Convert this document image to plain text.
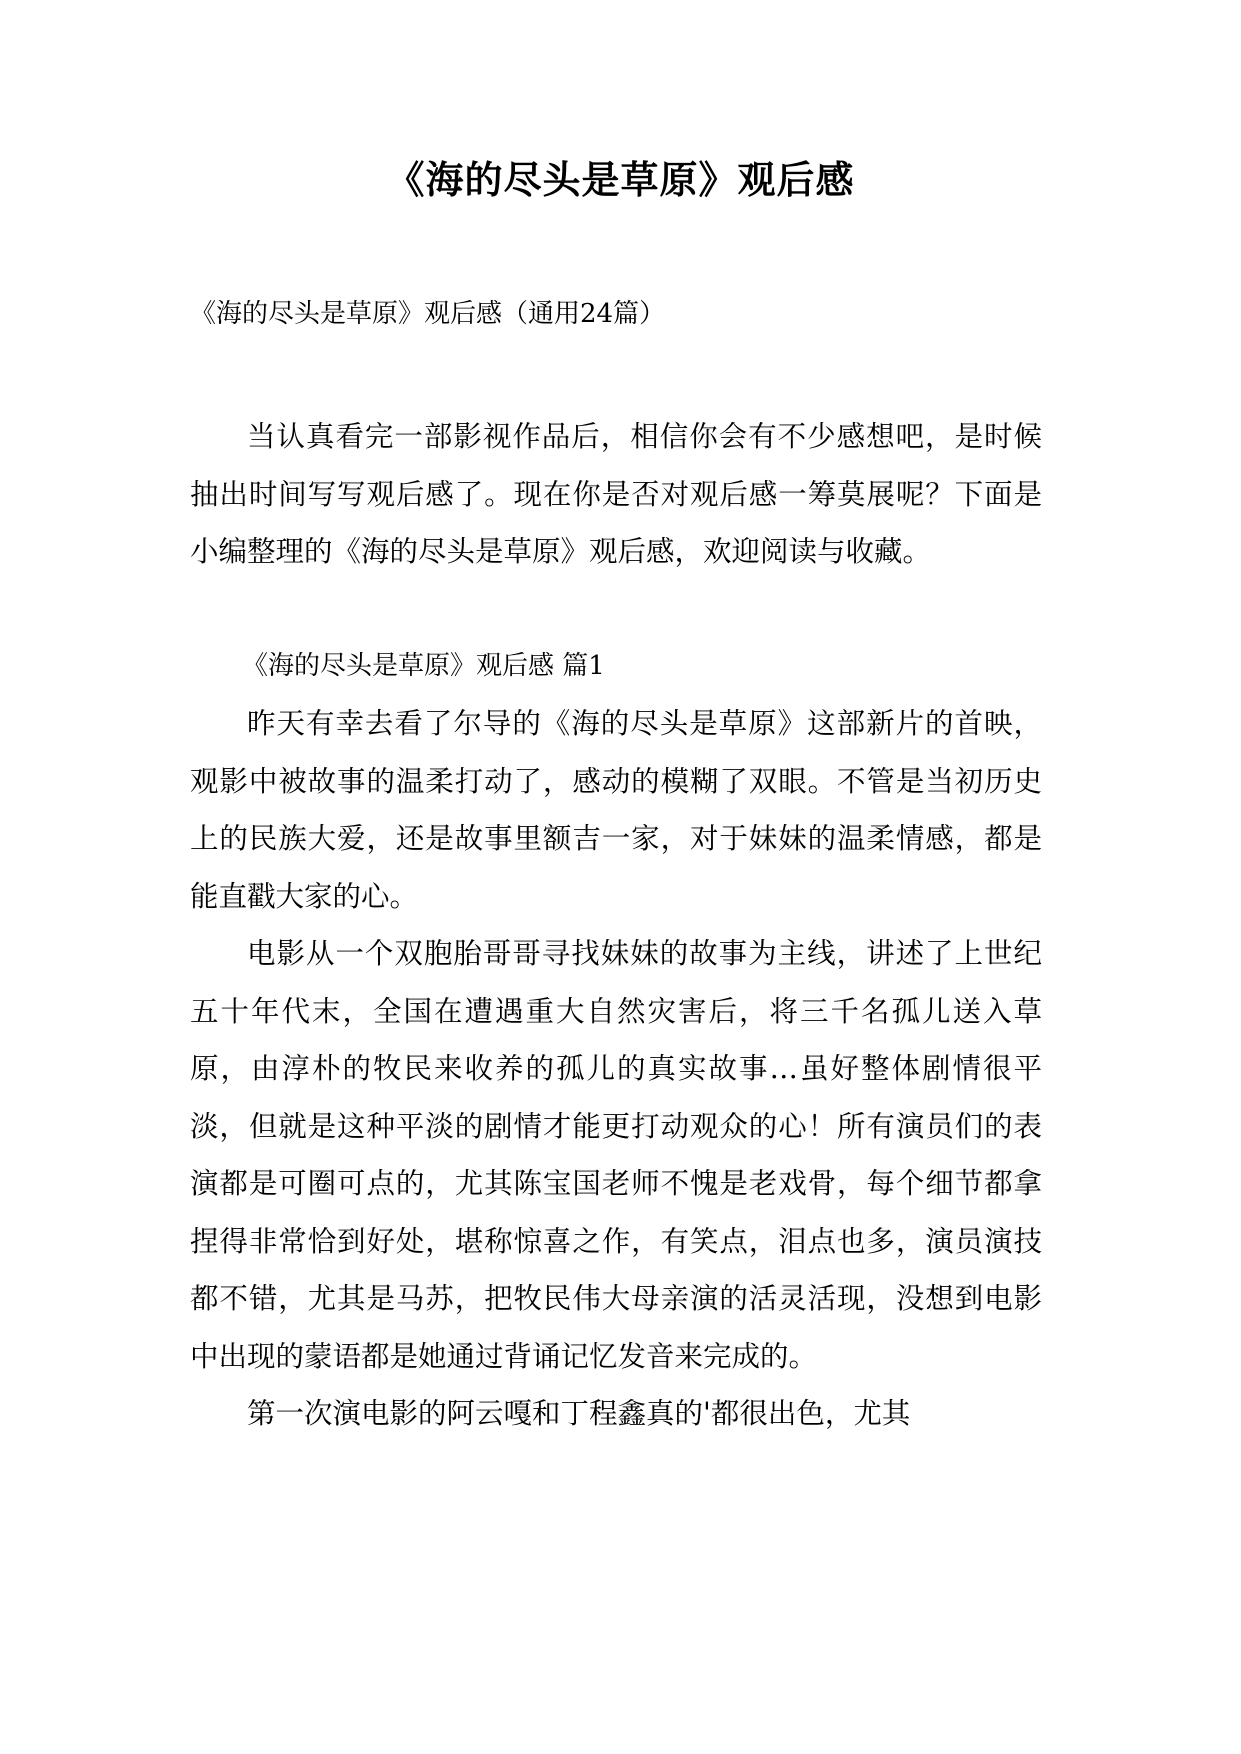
《海的尽头是草原》观后感
《海的尽头是草原》观后感（通用24篇）

当认真看完一部影视作品后，相信你会有不少感想吧，是时候抽出时间写写观后感了。现在你是否对观后感一筹莫展呢？下面是小编整理的《海的尽头是草原》观后感，欢迎阅读与收藏。

《海的尽头是草原》观后感 篇1

昨天有幸去看了尔导的《海的尽头是草原》这部新片的首映，观影中被故事的温柔打动了，感动的模糊了双眼。不管是当初历史上的民族大爱，还是故事里额吉一家，对于妹妹的温柔情感，都是能直戳大家的心。

电影从一个双胞胎哥哥寻找妹妹的故事为主线，讲述了上世纪五十年代末，全国在遭遇重大自然灾害后，将三千名孤儿送入草原，由淳朴的牧民来收养的孤儿的真实故事…虽好整体剧情很平淡，但就是这种平淡的剧情才能更打动观众的心！所有演员们的表演都是可圈可点的，尤其陈宝国老师不愧是老戏骨，每个细节都拿捏得非常恰到好处，堪称惊喜之作，有笑点，泪点也多，演员演技都不错，尤其是马苏，把牧民伟大母亲演的活灵活现，没想到电影中出现的蒙语都是她通过背诵记忆发音来完成的。

第一次演电影的阿云嘎和丁程鑫真的'都很出色，尤其
